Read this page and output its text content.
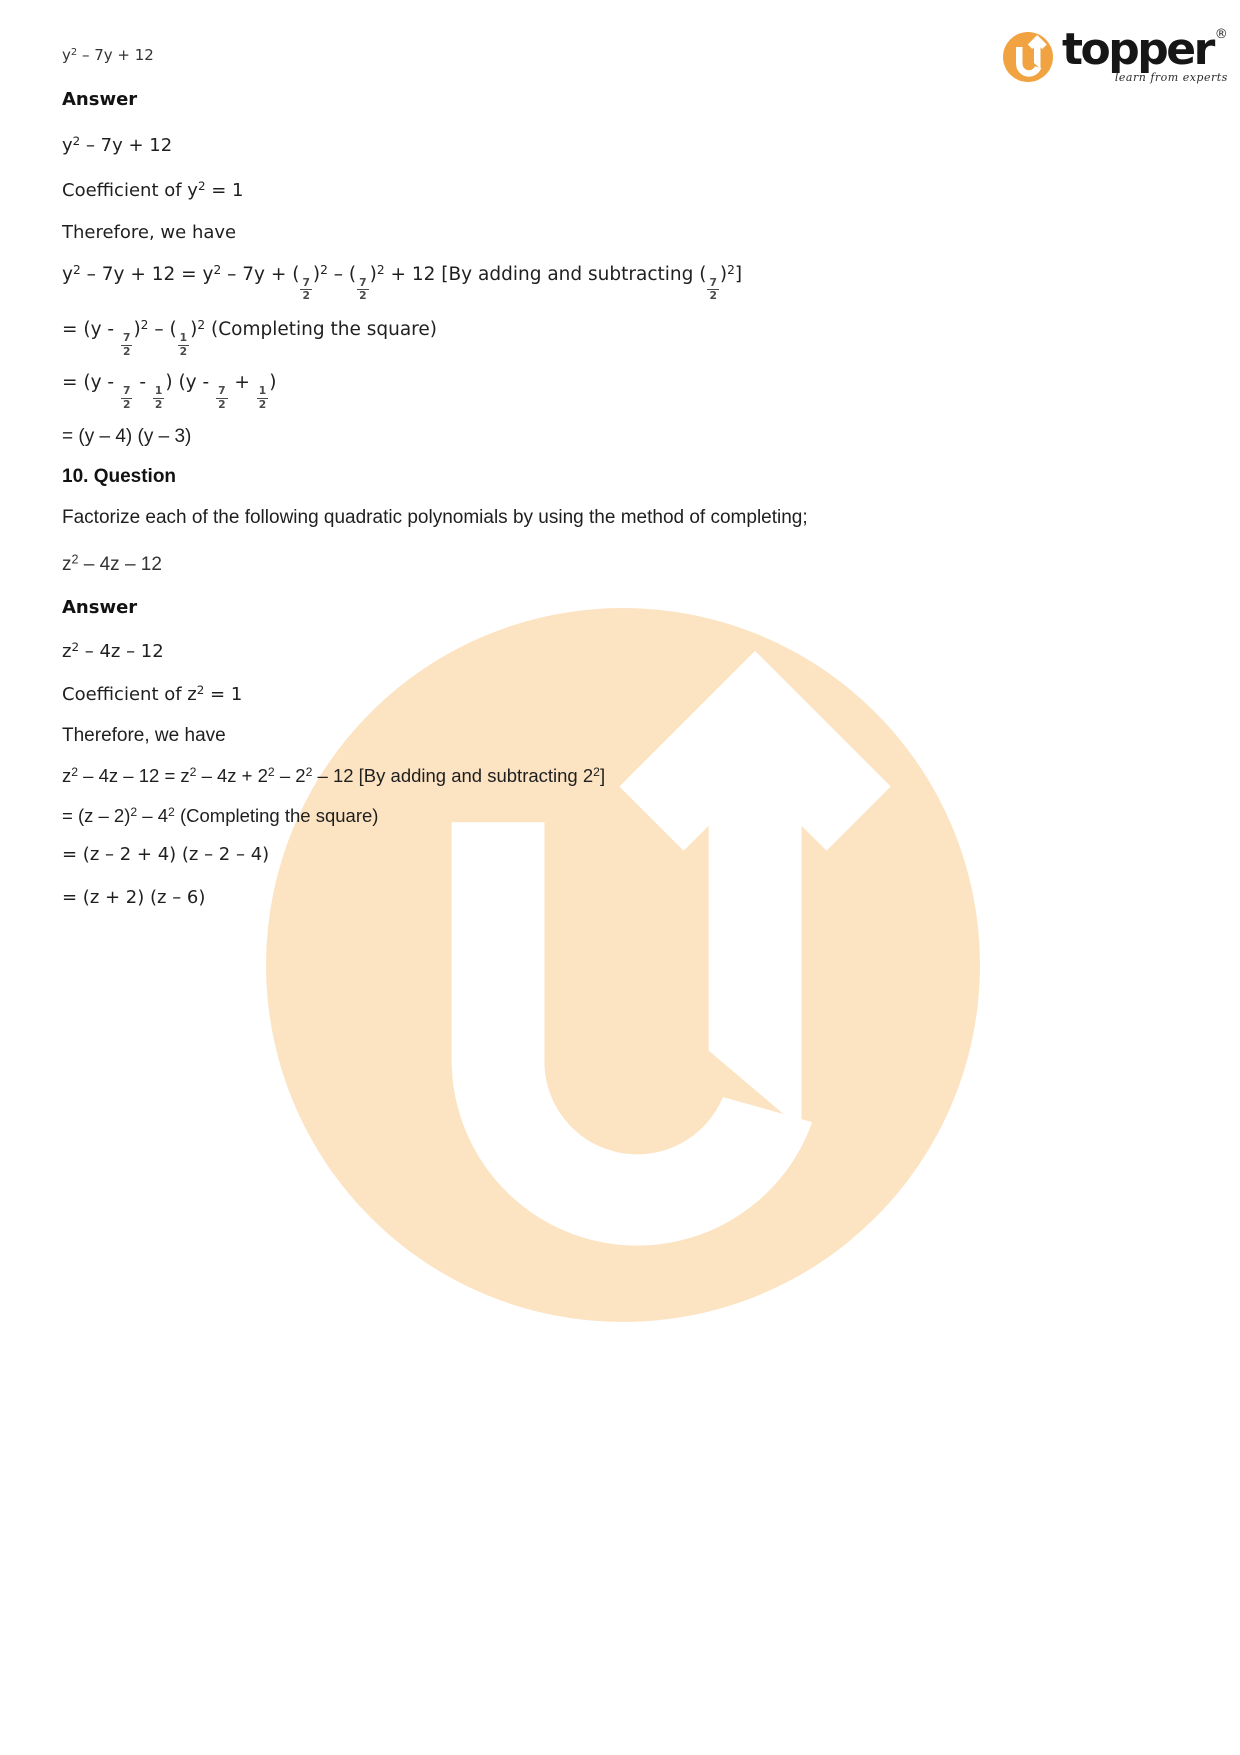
topper ®
learn from experts
$y^2 - 7y + 12$
Answer
$y^2 - 7y + 12$
Coefficient of $y^2 = 1$
Therefore, we have
$y^2 - 7y + 12 = y^2 - 7y$ + (
$\frac{7}{2}$
)$^2$ – (
$\frac{7}{2}$
)$^2$ + 12 [By adding and subtracting (
$\frac{7}{2}$
)$^2$]
= (y -
$\frac{7}{2}$
)$^2$ – (
$\frac{1}{2}$
)$^2$ (Completing the square)
= (y -
$\frac{7}{2}$
-
$\frac{1}{2}$
) (y -
$\frac{7}{2}$
+
$\frac{1}{2}$
)
= (y – 4) (y – 3)
10. Question
Factorize each of the following quadratic polynomials by using the method of completing;
$z^2 - 4z - 12$
Answer
$z^2 - 4z - 12$
Coefficient of $z^2 = 1$
Therefore, we have
$z^2 - 4z - 12 = z^2 - 4z + 2^2 - 2^2 - 12$ [By adding and subtracting $2^2$]
= $(z - 2)^2 - 4^2$ (Completing the square)
= (z – 2 + 4) (z – 2 – 4)
= (z + 2) (z – 6)
